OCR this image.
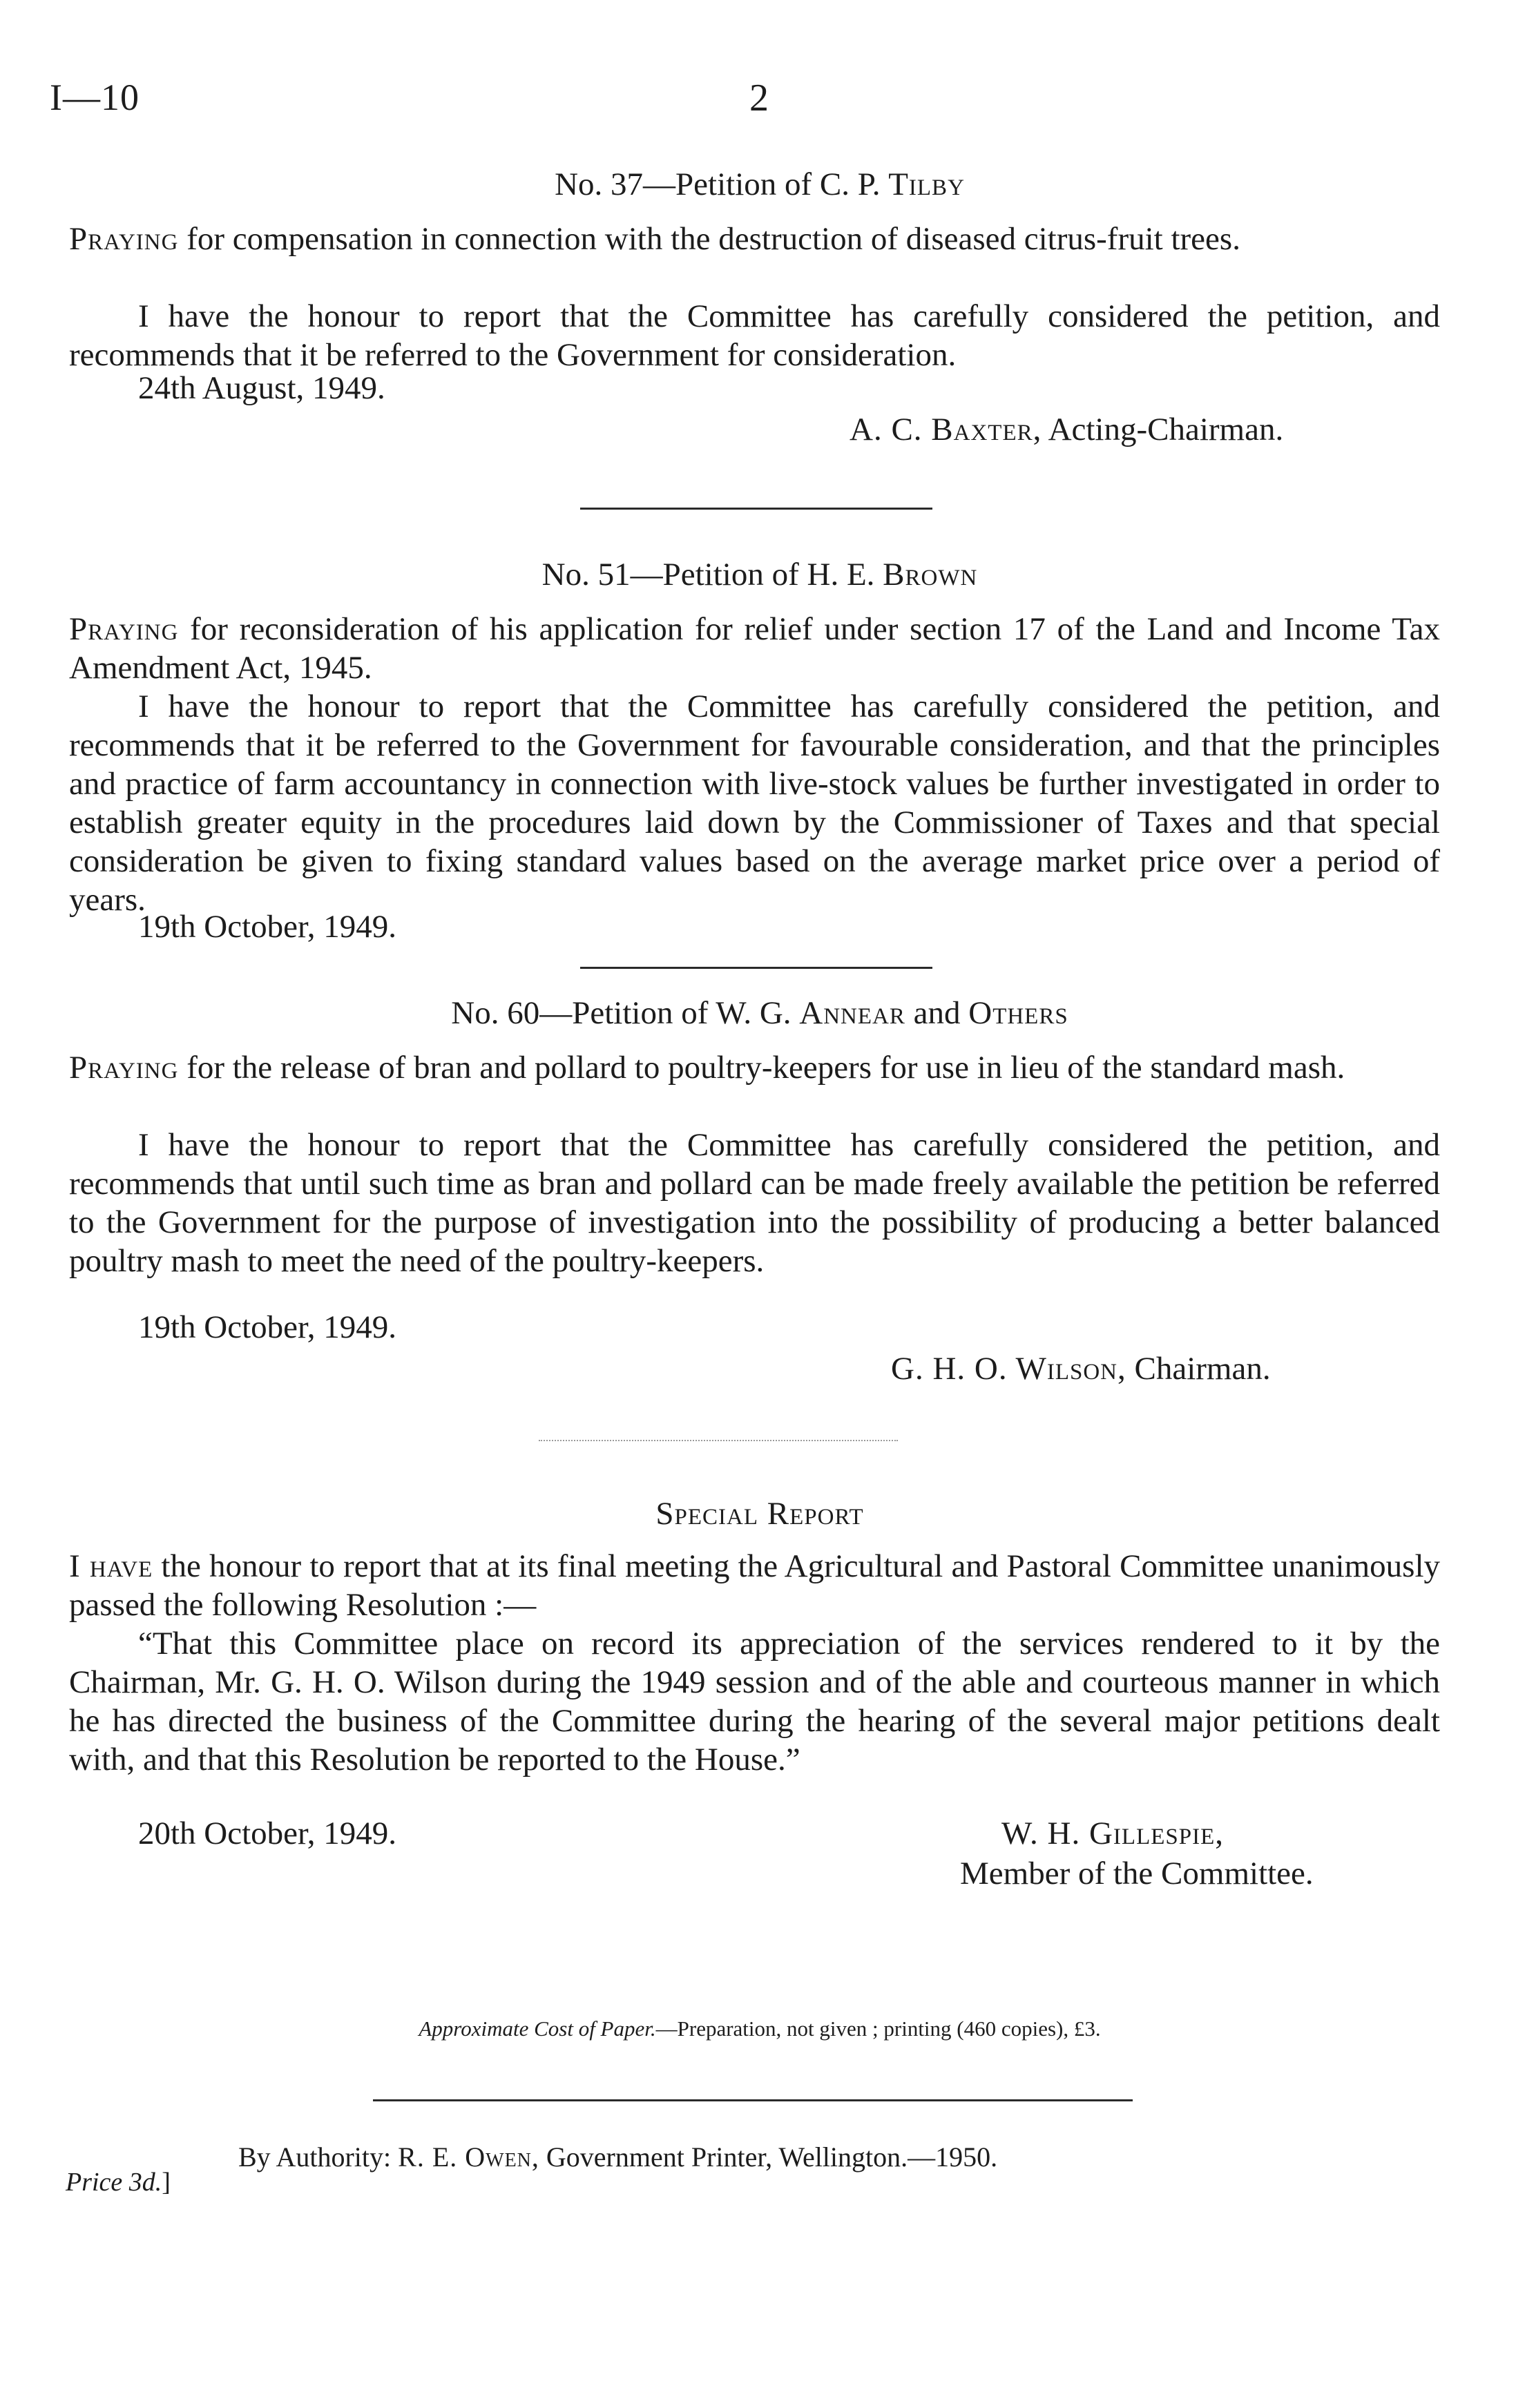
I—10	2
No. 37—Petition of C. P. Tilby
Praying for compensation in connection with the destruction of diseased citrus-fruit trees.
I have the honour to report that the Committee has carefully considered the petition, and recommends that it be referred to the Government for consideration.
24th August, 1949.
A. C. Baxter, Acting-Chairman.
No. 51—Petition of H. E. Brown
Praying for reconsideration of his application for relief under section 17 of the Land and Income Tax Amendment Act, 1945.
I have the honour to report that the Committee has carefully considered the petition, and recommends that it be referred to the Government for favourable consideration, and that the principles and practice of farm accountancy in connection with live-stock values be further investigated in order to establish greater equity in the procedures laid down by the Commissioner of Taxes and that special consideration be given to fixing standard values based on the average market price over a period of years.
19th October, 1949.
No. 60—Petition of W. G. Annear and Others
Praying for the release of bran and pollard to poultry-keepers for use in lieu of the standard mash.
I have the honour to report that the Committee has carefully considered the petition, and recommends that until such time as bran and pollard can be made freely available the petition be referred to the Government for the purpose of investigation into the possibility of producing a better balanced poultry mash to meet the need of the poultry-keepers.
19th October, 1949.
G. H. O. Wilson, Chairman.
Special Report
I have the honour to report that at its final meeting the Agricultural and Pastoral Committee unanimously passed the following Resolution :—
“That this Committee place on record its appreciation of the services rendered to it by the Chairman, Mr. G. H. O. Wilson during the 1949 session and of the able and courteous manner in which he has directed the business of the Committee during the hearing of the several major petitions dealt with, and that this Resolution be reported to the House.”
20th October, 1949.	W. H. Gillespie,
Member of the Committee.
Approximate Cost of Paper.—Preparation, not given ; printing (460 copies), £3.
By Authority: R. E. Owen, Government Printer, Wellington.—1950.
Price 3d.]
